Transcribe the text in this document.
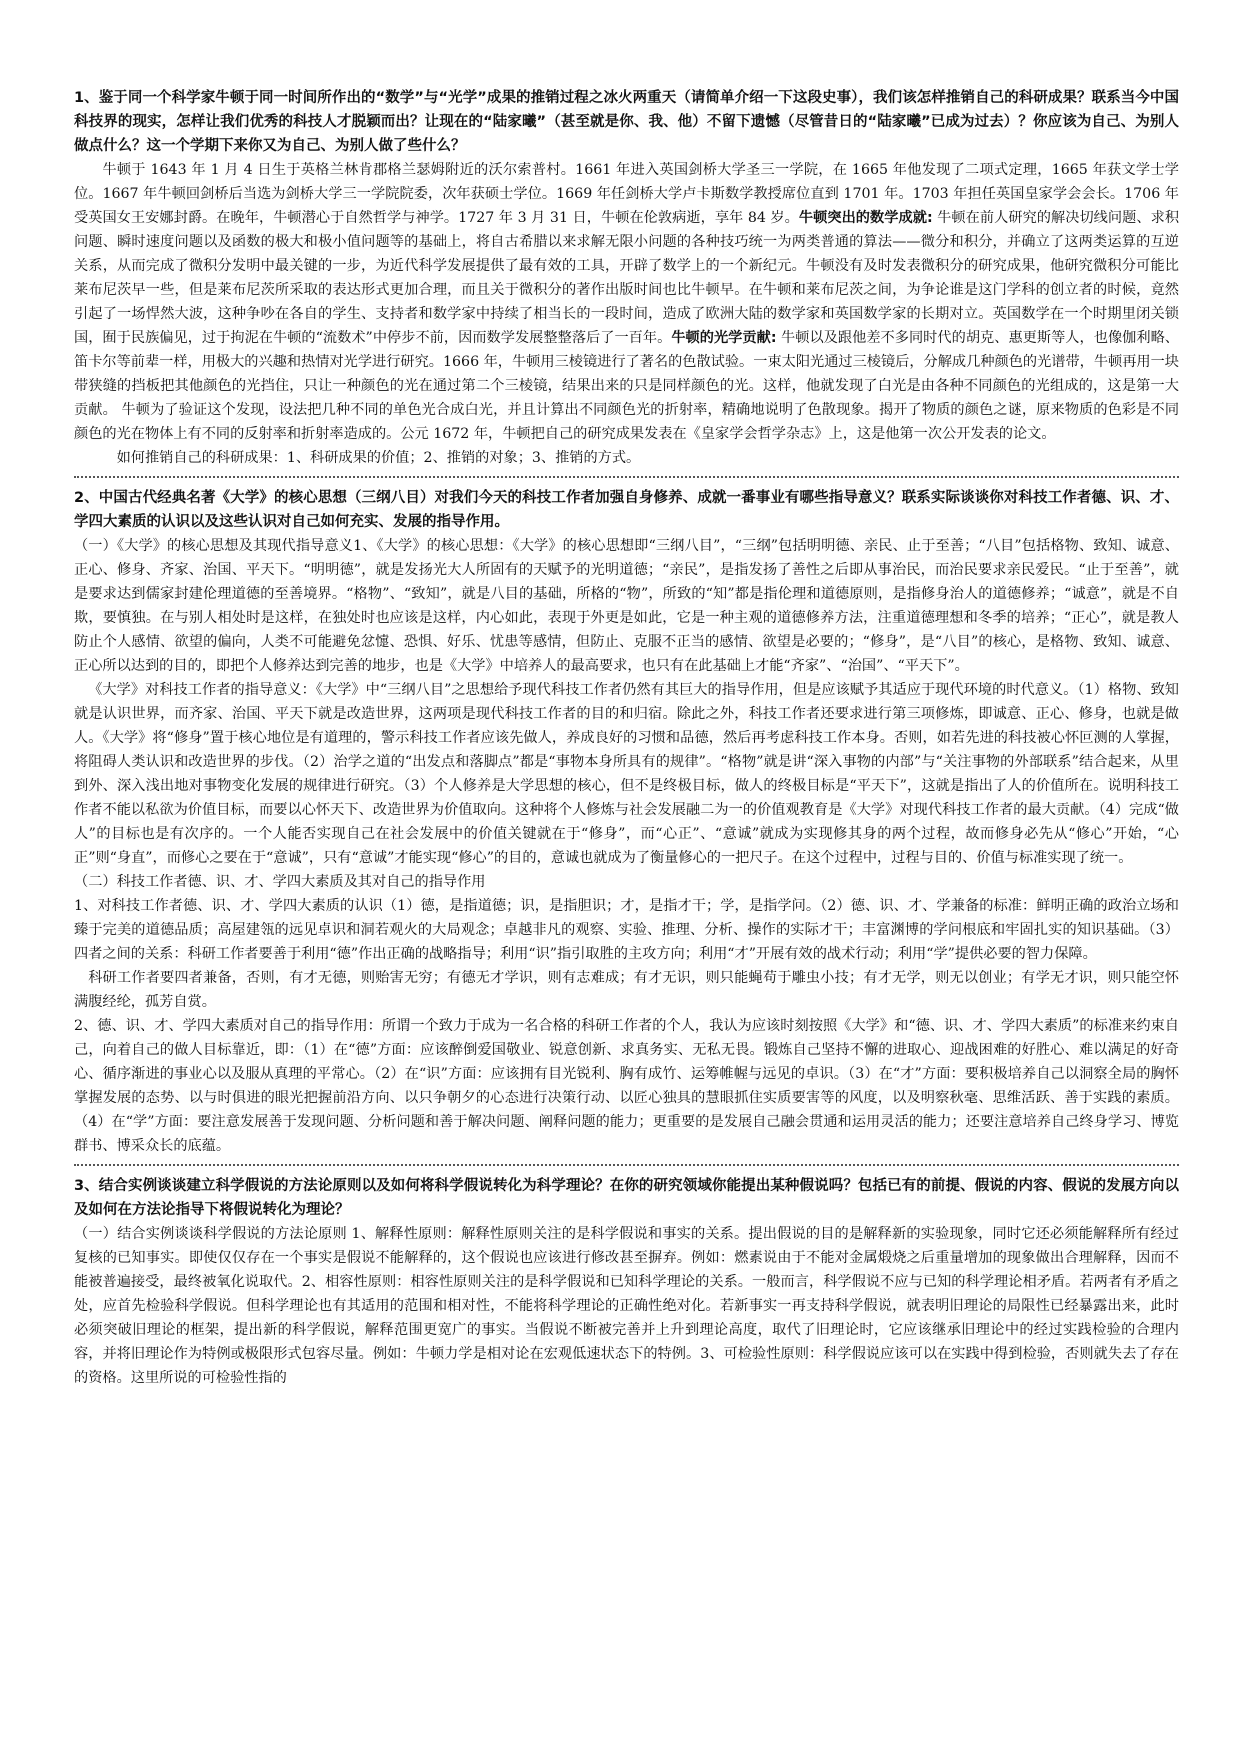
1、鉴于同一个科学家牛顿于同一时间所作出的“数学”与“光学”成果的推销过程之冰火两重天（请简单介绍一下这段史事），我们该怎样推销自己的科研成果？联系当今中国科技界的现实，怎样让我们优秀的科技人才脱颖而出？让现在的“陆家曦”（甚至就是你、我、他）不留下遗憾（尽管昔日的“陆家曦”已成为过去）？你应该为自己、为别人做点什么？这一个学期下来你又为自己、为别人做了些什么？

牛顿于 1643 年 1 月 4 日生于英格兰林肯郡格兰瑟姆附近的沃尔索普村。1661 年进入英国剑桥大学圣三一学院，在 1665 年他发现了二项式定理，1665 年获文学士学位。1667 年牛顿回剑桥后当选为剑桥大学三一学院院委，次年获硕士学位。1669 年任剑桥大学卢卡斯数学教授席位直到 1701 年。1703 年担任英国皇家学会会长。1706 年受英国女王安娜封爵。在晚年，牛顿潜心于自然哲学与神学。1727 年 3 月 31 日，牛顿在伦敦病逝，享年 84 岁。牛顿突出的数学成就: 牛顿在前人研究的解决切线问题、求积问题、瞬时速度问题以及函数的极大和极小值问题等的基础上，将自古希腊以来求解无限小问题的各种技巧统一为两类普通的算法——微分和积分，并确立了这两类运算的互逆关系，从而完成了微积分发明中最关键的一步，为近代科学发展提供了最有效的工具，开辟了数学上的一个新纪元。牛顿没有及时发表微积分的研究成果，他研究微积分可能比莱布尼茨早一些，但是莱布尼茨所采取的表达形式更加合理，而且关于微积分的著作出版时间也比牛顿早。在牛顿和莱布尼茨之间，为争论谁是这门学科的创立者的时候，竟然引起了一场悍然大波，这种争吵在各自的学生、支持者和数学家中持续了相当长的一段时间，造成了欧洲大陆的数学家和英国数学家的长期对立。英国数学在一个时期里闭关锁国，囿于民族偏见，过于拘泥在牛顿的“流数术”中停步不前，因而数学发展整整落后了一百年。牛顿的光学贡献: 牛顿以及跟他差不多同时代的胡克、惠更斯等人，也像伽利略、笛卡尔等前辈一样，用极大的兴趣和热情对光学进行研究。1666 年，牛顿用三棱镜进行了著名的色散试验。一束太阳光通过三棱镜后，分解成几种颜色的光谱带，牛顿再用一块带狭缝的挡板把其他颜色的光挡住，只让一种颜色的光在通过第二个三棱镜，结果出来的只是同样颜色的光。这样，他就发现了白光是由各种不同颜色的光组成的，这是第一大贡献。 牛顿为了验证这个发现，设法把几种不同的单色光合成白光，并且计算出不同颜色光的折射率，精确地说明了色散现象。揭开了物质的颜色之谜，原来物质的色彩是不同颜色的光在物体上有不同的反射率和折射率造成的。公元 1672 年，牛顿把自己的研究成果发表在《皇家学会哲学杂志》上，这是他第一次公开发表的论文。

如何推销自己的科研成果：1、科研成果的价值；2、推销的对象；3、推销的方式。

2、中国古代经典名著《大学》的核心思想（三纲八目）对我们今天的科技工作者加强自身修养、成就一番事业有哪些指导意义？联系实际谈谈你对科技工作者德、识、才、学四大素质的认识以及这些认识对自己如何充实、发展的指导作用。

（一）《大学》的核心思想及其现代指导意义1、《大学》的核心思想：《大学》的核心思想即“三纲八目”，“三纲”包括明明德、亲民、止于至善；“八目”包括格物、致知、诚意、正心、修身、齐家、治国、平天下。“明明德”，就是发扬光大人所固有的天赋予的光明道德；“亲民”，是指发扬了善性之后即从事治民，而治民要求亲民爱民。“止于至善”，就是要求达到儒家封建伦理道德的至善境界。“格物”、“致知”，就是八目的基础，所格的“物”，所致的“知”都是指伦理和道德原则，是指修身治人的道德修养；“诚意”，就是不自欺，要慎独。在与别人相处时是这样，在独处时也应该是这样，内心如此，表现于外更是如此，它是一种主观的道德修养方法，注重道德理想和冬季的培养；“正心”，就是教人防止个人感情、欲望的偏向，人类不可能避免忿懥、恐惧、好乐、忧患等感情，但防止、克服不正当的感情、欲望是必要的；“修身”，是“八目”的核心，是格物、致知、诚意、正心所以达到的目的，即把个人修养达到完善的地步，也是《大学》中培养人的最高要求，也只有在此基础上才能“齐家”、“治国”、“平天下”。

《大学》对科技工作者的指导意义：《大学》中“三纲八目”之思想给予现代科技工作者仍然有其巨大的指导作用，但是应该赋予其适应于现代环境的时代意义。（1）格物、致知就是认识世界，而齐家、治国、平天下就是改造世界，这两项是现代科技工作者的目的和归宿。除此之外，科技工作者还要求进行第三项修炼，即诚意、正心、修身，也就是做人。《大学》将“修身”置于核心地位是有道理的，警示科技工作者应该先做人，养成良好的习惯和品德，然后再考虑科技工作本身。否则，如若先进的科技被心怀叵测的人掌握，将阻碍人类认识和改造世界的步伐。（2）治学之道的“出发点和落脚点”都是“事物本身所具有的规律”。“格物”就是讲“深入事物的内部”与“关注事物的外部联系”结合起来，从里到外、深入浅出地对事物变化发展的规律进行研究。（3）个人修养是大学思想的核心，但不是终极目标，做人的终极目标是“平天下”，这就是指出了人的价值所在。说明科技工作者不能以私欲为价值目标，而要以心怀天下、改造世界为价值取向。这种将个人修炼与社会发展融二为一的价值观教育是《大学》对现代科技工作者的最大贡献。（4）完成“做人”的目标也是有次序的。一个人能否实现自己在社会发展中的价值关键就在于“修身”，而“心正”、“意诚”就成为实现修其身的两个过程，故而修身必先从“修心”开始，“心正”则“身直”，而修心之要在于“意诚”，只有“意诚”才能实现“修心”的目的，意诚也就成为了衡量修心的一把尺子。在这个过程中，过程与目的、价值与标准实现了统一。

（二）科技工作者德、识、才、学四大素质及其对自己的指导作用

1、对科技工作者德、识、才、学四大素质的认识（1）德，是指道德；识，是指胆识；才，是指才干；学，是指学问。（2）德、识、才、学兼备的标准：鲜明正确的政治立场和臻于完美的道德品质；高屋建瓴的远见卓识和洞若观火的大局观念；卓越非凡的观察、实验、推理、分析、操作的实际才干；丰富渊博的学问根底和牢固扎实的知识基础。（3）四者之间的关系：科研工作者要善于利用“德”作出正确的战略指导；利用“识”指引取胜的主攻方向；利用“才”开展有效的战术行动；利用“学”提供必要的智力保障。

科研工作者要四者兼备，否则，有才无德，则贻害无穷；有德无才学识，则有志难成；有才无识，则只能蝇苟于雕虫小技；有才无学，则无以创业；有学无才识，则只能空怀满腹经纶，孤芳自赏。

2、德、识、才、学四大素质对自己的指导作用：所谓一个致力于成为一名合格的科研工作者的个人，我认为应该时刻按照《大学》和“德、识、才、学四大素质”的标准来约束自己，向着自己的做人目标靠近，即：（1）在“德”方面：应该醉倒爱国敬业、锐意创新、求真务实、无私无畏。锻炼自己坚持不懈的进取心、迎战困难的好胜心、难以满足的好奇心、循序渐进的事业心以及服从真理的平常心。（2）在“识”方面：应该拥有目光锐利、胸有成竹、运筹帷幄与远见的卓识。（3）在“才”方面：要积极培养自己以洞察全局的胸怀掌握发展的态势、以与时俱进的眼光把握前沿方向、以只争朝夕的心态进行决策行动、以匠心独具的慧眼抓住实质要害等的风度，以及明察秋毫、思维活跃、善于实践的素质。（4）在“学”方面：要注意发展善于发现问题、分析问题和善于解决问题、阐释问题的能力；更重要的是发展自己融会贯通和运用灵活的能力；还要注意培养自己终身学习、博览群书、博采众长的底蕴。

3、结合实例谈谈建立科学假说的方法论原则以及如何将科学假说转化为科学理论？在你的研究领域你能提出某种假说吗？包括已有的前提、假说的内容、假说的发展方向以及如何在方法论指导下将假说转化为理论？

（一）结合实例谈谈科学假说的方法论原则 1、解释性原则：解释性原则关注的是科学假说和事实的关系。提出假说的目的是解释新的实验现象，同时它还必须能解释所有经过复核的已知事实。即使仅仅存在一个事实是假说不能解释的，这个假说也应该进行修改甚至摒弃。例如：燃素说由于不能对金属煅烧之后重量增加的现象做出合理解释，因而不能被普遍接受，最终被氧化说取代。2、相容性原则：相容性原则关注的是科学假说和已知科学理论的关系。一般而言，科学假说不应与已知的科学理论相矛盾。若两者有矛盾之处，应首先检验科学假说。但科学理论也有其适用的范围和相对性，不能将科学理论的正确性绝对化。若新事实一再支持科学假说，就表明旧理论的局限性已经暴露出来，此时必须突破旧理论的框架，提出新的科学假说，解释范围更宽广的事实。当假说不断被完善并上升到理论高度，取代了旧理论时，它应该继承旧理论中的经过实践检验的合理内容，并将旧理论作为特例或极限形式包容尽量。例如：牛顿力学是相对论在宏观低速状态下的特例。3、可检验性原则：科学假说应该可以在实践中得到检验，否则就失去了存在的资格。这里所说的可检验性指的
